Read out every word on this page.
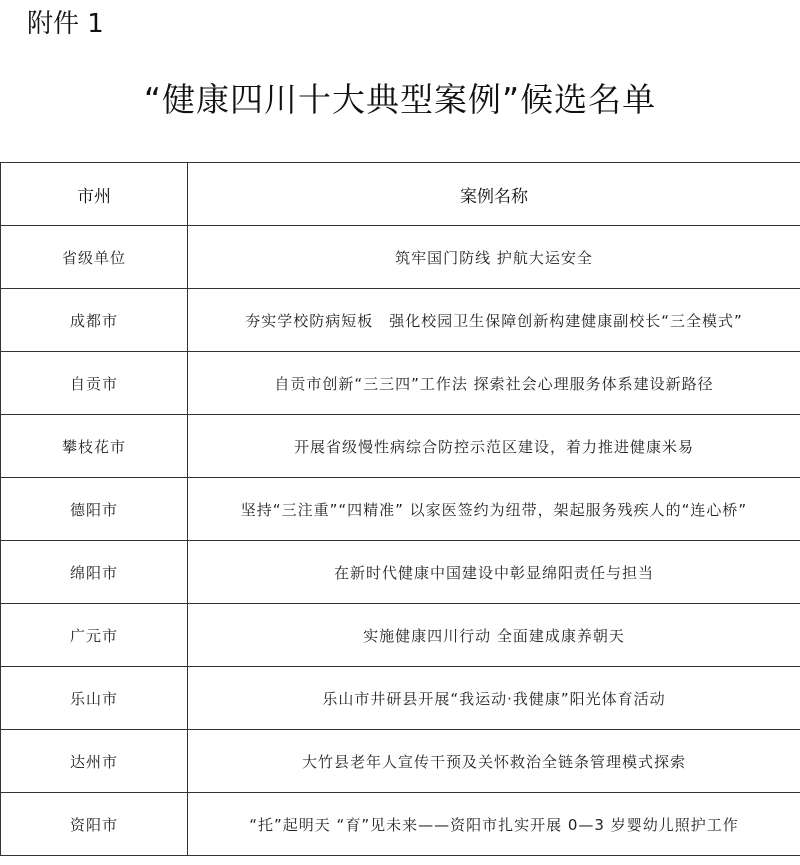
附件 1
“健康四川十大典型案例”候选名单
市州	案例名称
省级单位	筑牢国门防线 护航大运安全
成都市	夯实学校防病短板　强化校园卫生保障创新构建健康副校长“三全模式”
自贡市	自贡市创新“三三四”工作法 探索社会心理服务体系建设新路径
攀枝花市	开展省级慢性病综合防控示范区建设，着力推进健康米易
德阳市	坚持“三注重”“四精准” 以家医签约为纽带，架起服务残疾人的“连心桥”
绵阳市	在新时代健康中国建设中彰显绵阳责任与担当
广元市	实施健康四川行动 全面建成康养朝天
乐山市	乐山市井研县开展“我运动·我健康”阳光体育活动
达州市	大竹县老年人宣传干预及关怀救治全链条管理模式探索
资阳市	“托”起明天 “育”见未来——资阳市扎实开展 0—3 岁婴幼儿照护工作
